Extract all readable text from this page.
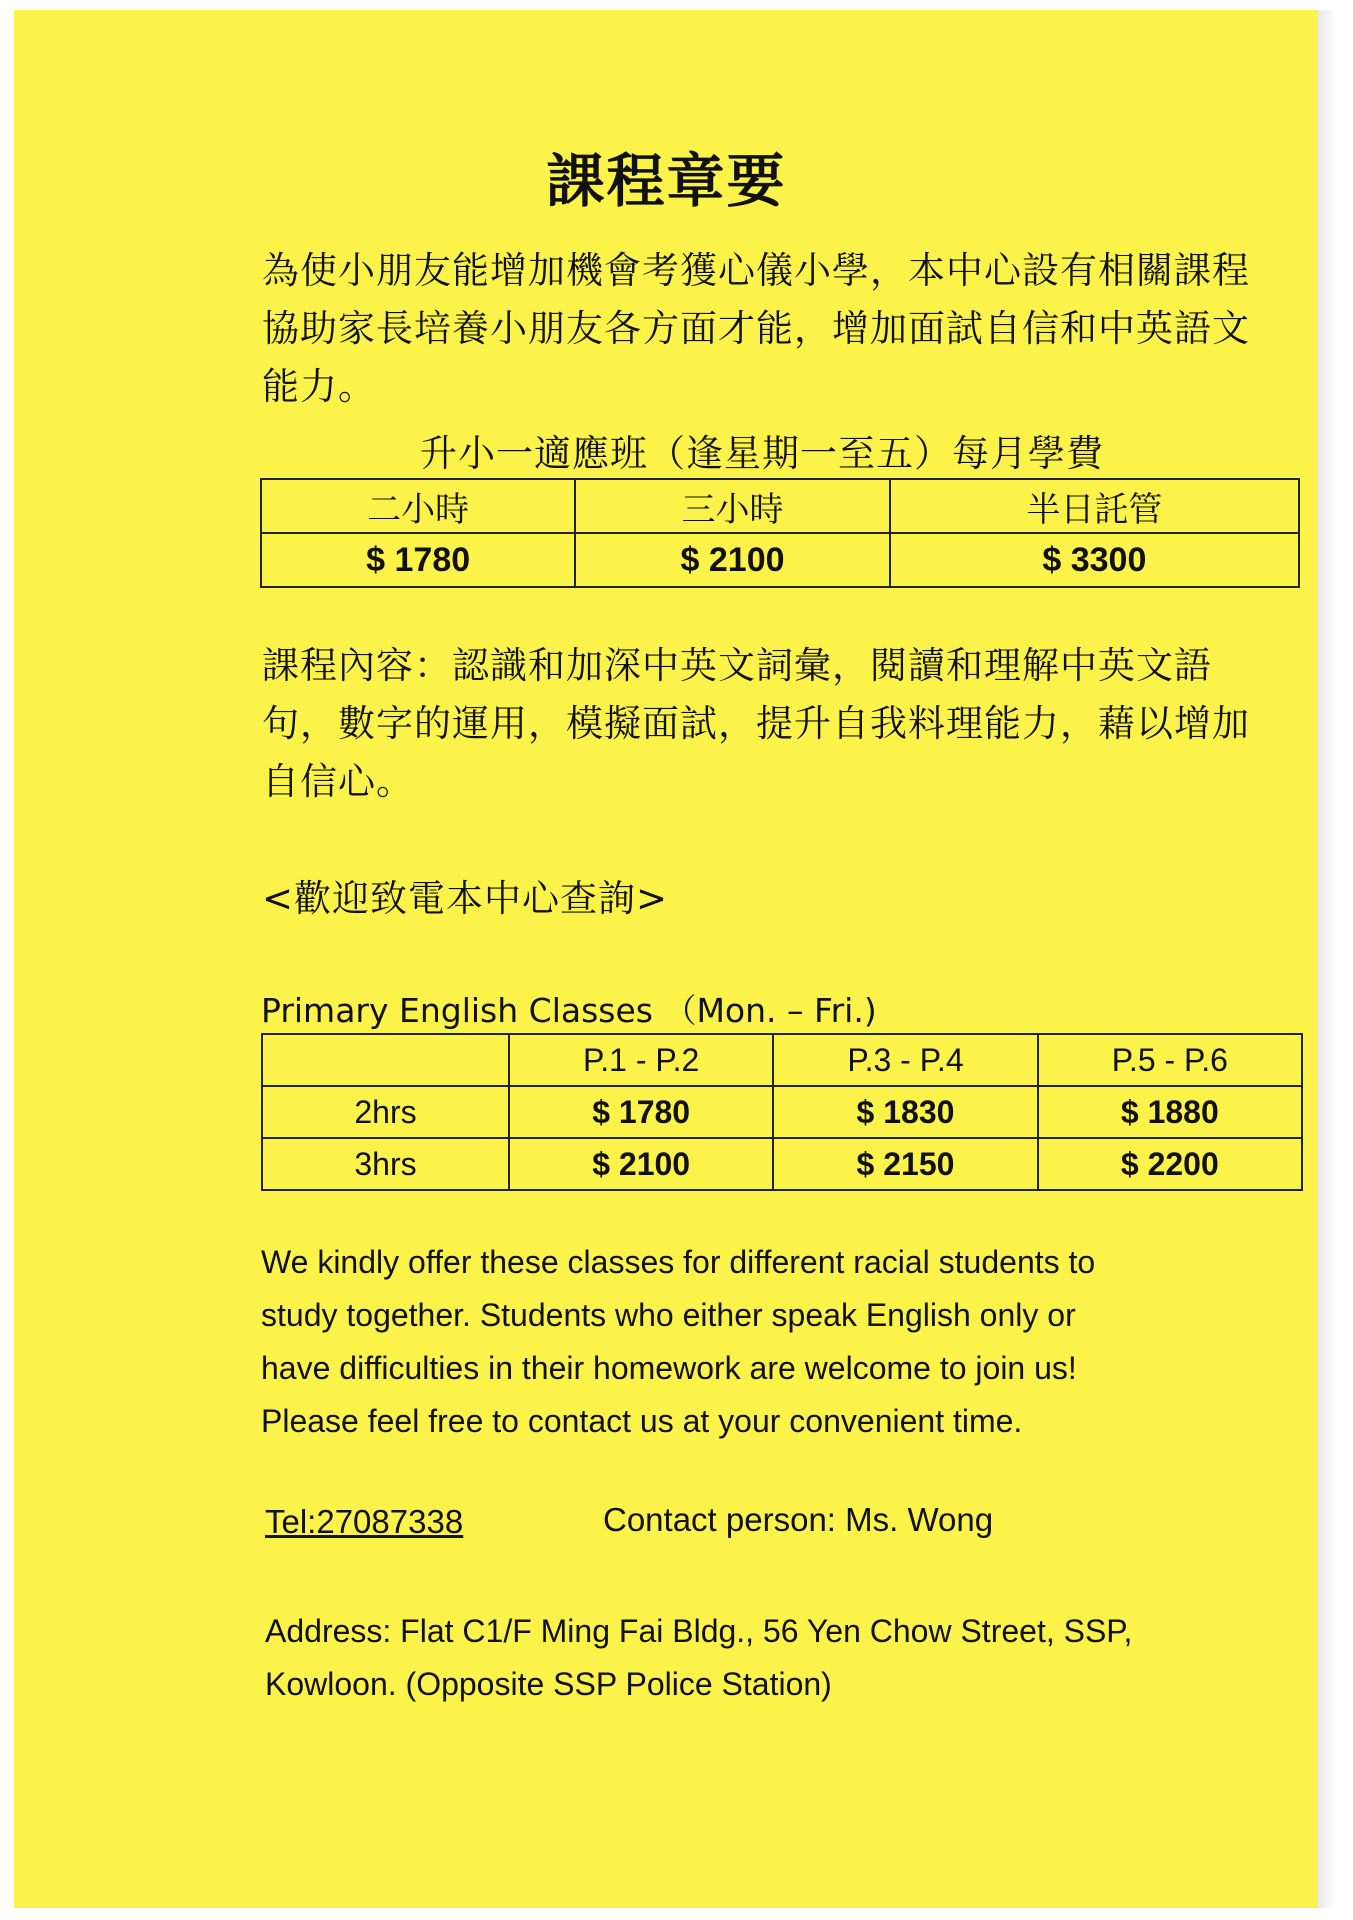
課程章要

為使小朋友能增加機會考獲心儀小學，本中心設有相關課程

協助家長培養小朋友各方面才能，增加面試自信和中英語文

能力。

升小一適應班（逢星期一至五）每月學費
二小時	三小時	半日託管
$ 1780	$ 2100	$ 3300

課程內容：認識和加深中英文詞彙，閱讀和理解中英文語

句，數字的運用，模擬面試，提升自我料理能力，藉以增加

自信心。

<歡迎致電本中心查詢>
Primary English Classes （Mon. – Fri.)
	P.1 - P.2	P.3 - P.4	P.5 - P.6
2hrs	$ 1780	$ 1830	$ 1880
3hrs	$ 2100	$ 2150	$ 2200

We kindly offer these classes for different racial students to

study together. Students who either speak English only or

have difficulties in their homework are welcome to join us!

Please feel free to contact us at your convenient time.

Tel:27087338	Contact person: Ms. Wong

Address: Flat C1/F Ming Fai Bldg., 56 Yen Chow Street, SSP,

Kowloon. (Opposite SSP Police Station)
